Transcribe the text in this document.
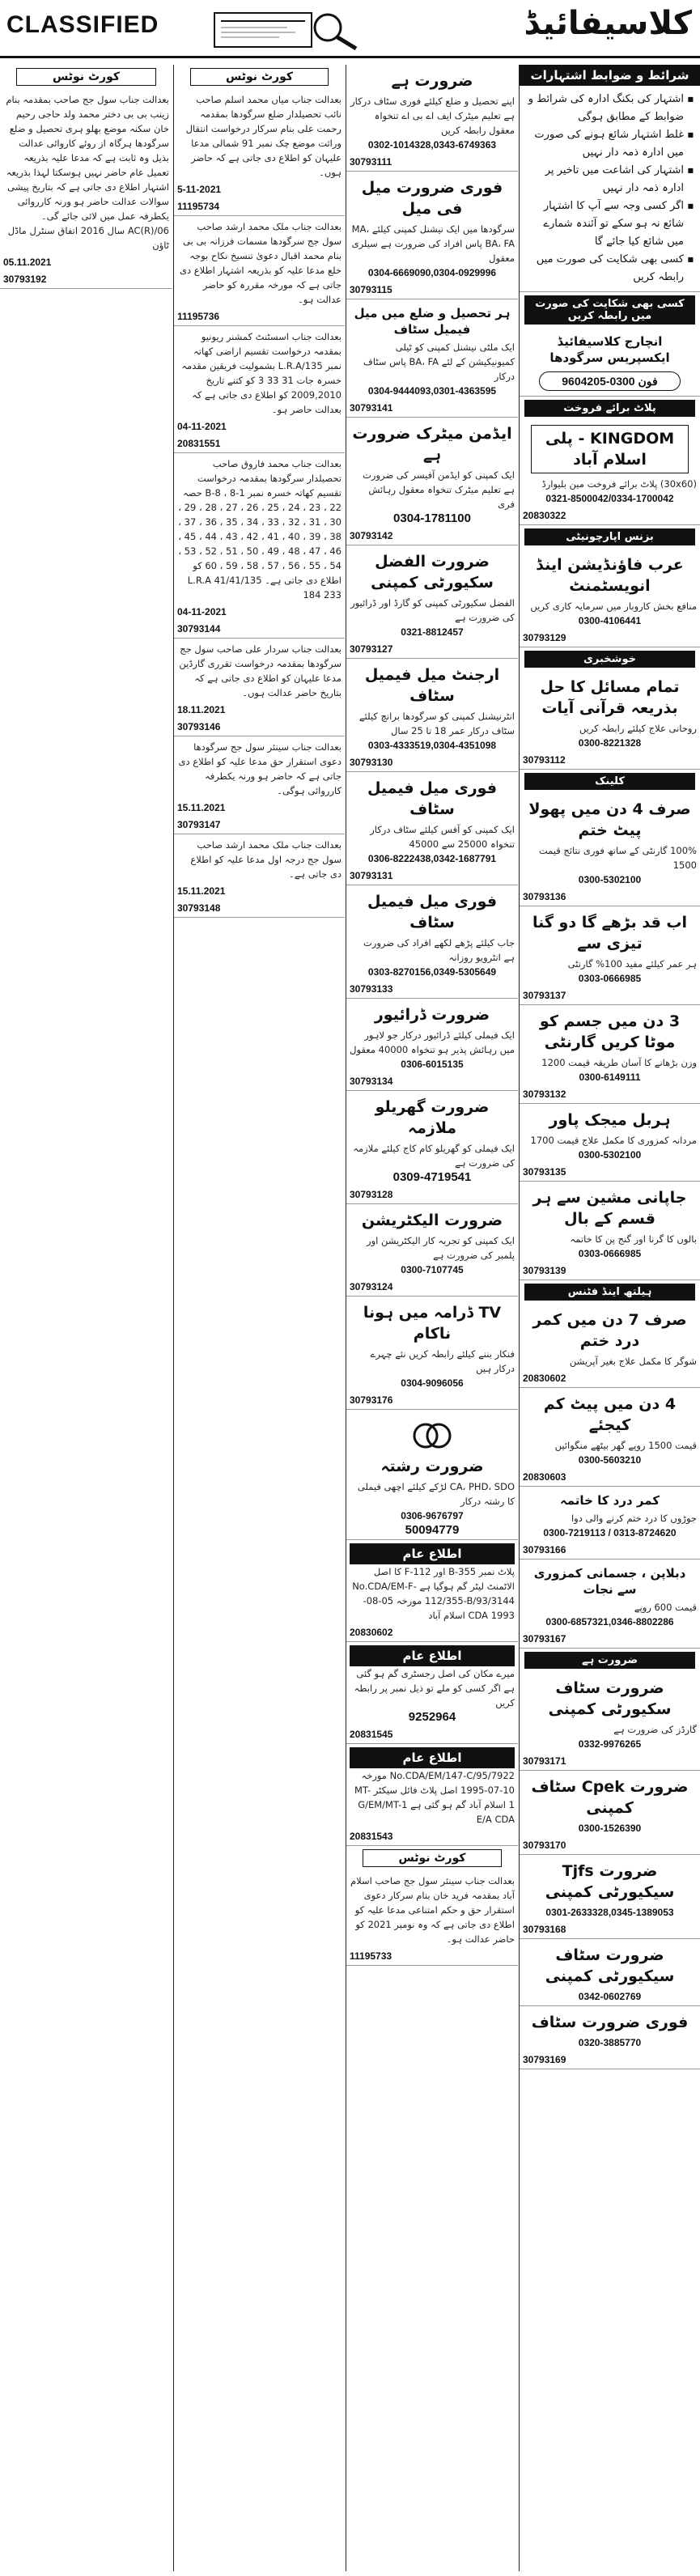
CLASSIFIED	کلاسیفائیڈ
کورٹ نوٹس
بعدالت جناب سول جج صاحب بمقدمہ بنام زینب بی بی دختر محمد ولد حاجی رحیم خان سکنہ موضع بھلو ہری تحصیل و ضلع سرگودھا ہرگاہ از روئے کاروائی عدالت بذیل وہ ثابت ہے کہ مدعا علیہ بذریعہ تعمیل عام حاضر نہیں ہوسکتا لہذا بذریعہ اشتہار اطلاع دی جاتی ہے کہ بتاریخ پیشی سوالات عدالت حاضر ہو ورنہ کارروائی یکطرفہ عمل میں لائی جائے گی۔ 06/AC(R) سال 2016 اتفاق سنٹرل ماڈل ٹاؤن
05.11.2021
30793192
کورٹ نوٹس
بعدالت جناب میاں محمد اسلم صاحب نائب تحصیلدار ضلع سرگودھا بمقدمہ رحمت علی بنام سرکار درخواست انتقال وراثت موضع چک نمبر 91 شمالی مدعا علیہان کو اطلاع دی جاتی ہے کہ حاضر ہوں۔
5-11-2021
11195734
بعدالت جناب ملک محمد ارشد صاحب سول جج سرگودھا مسمات فرزانہ بی بی بنام محمد اقبال دعویٰ تنسیخ نکاح بوجہ خلع مدعا علیہ کو بذریعہ اشتہار اطلاع دی جاتی ہے کہ مورخہ مقررہ کو حاضر عدالت ہو۔
11195736
بعدالت جناب اسسٹنٹ کمشنر ریونیو بمقدمہ درخواست تقسیم اراضی کھاتہ نمبر 135/L.R.A بشمولیت فریقین مقدمہ خسرہ جات 31 33 3 کو کتنے تاریخ 2009,2010 کو اطلاع دی جاتی ہے کہ بعدالت حاضر ہو۔
04-11-2021
20831551
بعدالت جناب محمد فاروق صاحب تحصیلدار سرگودھا بمقدمہ درخواست تقسیم کھاتہ خسرہ نمبر 1-8 ، 8-B حصہ 22 ، 23 ، 24 ، 25 ، 26 ، 27 ، 28 ، 29 ، 30 ، 31 ، 32 ، 33 ، 34 ، 35 ، 36 ، 37 ، 38 ، 39 ، 40 ، 41 ، 42 ، 43 ، 44 ، 45 ، 46 ، 47 ، 48 ، 49 ، 50 ، 51 ، 52 ، 53 ، 54 ، 55 ، 56 ، 57 ، 58 ، 59 ، 60 کو اطلاع دی جاتی ہے۔ 135/L.R.A 41/41 184 233
04-11-2021
30793144
بعدالت جناب سردار علی صاحب سول جج سرگودھا بمقدمہ درخواست تقرری گارڈین مدعا علیہان کو اطلاع دی جاتی ہے کہ بتاریخ حاضر عدالت ہوں۔
18.11.2021
30793146
بعدالت جناب سینئر سول جج سرگودھا دعوی استقرار حق مدعا علیہ کو اطلاع دی جاتی ہے کہ حاضر ہو ورنہ یکطرفہ کارروائی ہوگی۔
15.11.2021
30793147
بعدالت جناب ملک محمد ارشد صاحب سول جج درجہ اول مدعا علیہ کو اطلاع دی جاتی ہے۔
15.11.2021
30793148
ضرورت ہے
اپنے تحصیل و ضلع کیلئے فوری سٹاف درکار ہے تعلیم میٹرک ایف اے بی اے تنخواہ معقول رابطہ کریں
0302-1014328,0343-6749363
30793111
فوری ضرورت میل فی میل
سرگودھا میں ایک نیشنل کمپنی کیلئے MA، BA، FA پاس افراد کی ضرورت ہے سیلری معقول
0304-6669090,0304-0929996
30793115
ہر تحصیل و ضلع میں میل فیمیل سٹاف
ایک ملٹی نیشنل کمپنی کو ٹیلی کمیونیکیشن کے لئے BA، FA پاس سٹاف درکار
0304-9444093,0301-4363595
30793141
ایڈمن میٹرک ضرورت ہے
ایک کمپنی کو ایڈمن آفیسر کی ضرورت ہے تعلیم میٹرک تنخواہ معقول رہائش فری
0304-1781100
30793142
ضرورت الفضل سکیورٹی کمپنی
الفضل سکیورٹی کمپنی کو گارڈ اور ڈرائیور کی ضرورت ہے
0321-8812457
30793127
ارجنٹ میل فیمیل سٹاف
انٹرنیشنل کمپنی کو سرگودھا برانچ کیلئے سٹاف درکار عمر 18 تا 25 سال
0303-4333519,0304-4351098
30793130
فوری میل فیمیل سٹاف
ایک کمپنی کو آفس کیلئے سٹاف درکار تنخواہ 25000 سے 45000
0306-8222438,0342-1687791
30793131
فوری میل فیمیل سٹاف
جاب کیلئے پڑھے لکھے افراد کی ضرورت ہے انٹرویو روزانہ
0303-8270156,0349-5305649
30793133
ضرورت ڈرائیور
ایک فیملی کیلئے ڈرائیور درکار جو لاہور میں رہائش پذیر ہو تنخواہ 40000 معقول
0306-6015135
30793134
ضرورت گھریلو ملازمہ
ایک فیملی کو گھریلو کام کاج کیلئے ملازمہ کی ضرورت ہے
0309-4719541
30793128
ضرورت الیکٹریشن
ایک کمپنی کو تجربہ کار الیکٹریشن اور پلمبر کی ضرورت ہے
0300-7107745
30793124
TV ڈرامہ میں ہونا ناکام
فنکار بننے کیلئے رابطہ کریں نئے چہرے درکار ہیں
0304-9096056
30793176
ضرورت رشتہ
CA، PHD، SDO لڑکے کیلئے اچھی فیملی کا رشتہ درکار
0306-9676797
50094779
اطلاع عام
پلاٹ نمبر 355-B اور F-112 کا اصل الاٹمنٹ لیٹر گم ہوگیا ہے No.CDA/EM-F-112/355-B/93/3144 مورخہ 05-08-1993 CDA اسلام آباد
20830602
اطلاع عام
میرے مکان کی اصل رجسٹری گم ہو گئی ہے اگر کسی کو ملے تو ذیل نمبر پر رابطہ کریں
9252964
20831545
اطلاع عام
No.CDA/EM/147-C/95/7922 مورخہ 10-07-1995 اصل پلاٹ فائل سیکٹر MT-1 اسلام آباد گم ہو گئی ہے G/EM/MT-1 E/A CDA
20831543
کورٹ نوٹس
بعدالت جناب سینئر سول جج صاحب اسلام آباد بمقدمہ فرید خان بنام سرکار دعوی استقرار حق و حکم امتناعی مدعا علیہ کو اطلاع دی جاتی ہے کہ وہ نومبر 2021 کو حاضر عدالت ہو۔
11195733
شرائط و ضوابط اشتہارات
■ اشتہار کی بکنگ ادارہ کی شرائط و ضوابط کے مطابق ہوگی
■ غلط اشتہار شائع ہونے کی صورت میں ادارہ ذمہ دار نہیں
■ اشتہار کی اشاعت میں تاخیر پر ادارہ ذمہ دار نہیں
■ اگر کسی وجہ سے آپ کا اشتہار شائع نہ ہو سکے تو آئندہ شمارے میں شائع کیا جائے گا
■ کسی بھی شکایت کی صورت میں رابطہ کریں
کسی بھی شکایت کی صورت میں رابطہ کریں
انچارج کلاسیفائیڈ ایکسپریس سرگودھا
فون 0300-9604205
پلاٹ برائے فروخت
KINGDOM - پلی اسلام آباد
(30x60) پلاٹ برائے فروخت مین بلیوارڈ
0321-8500042/0334-1700042
20830322
بزنس اپارچونیٹی
عرب فاؤنڈیشن اینڈ انویسٹمنٹ
منافع بخش کاروبار میں سرمایہ کاری کریں
0300-4106441
30793129
خوشخبری
تمام مسائل کا حل بذریعہ قرآنی آیات
روحانی علاج کیلئے رابطہ کریں
0300-8221328
30793112
کلینک
صرف 4 دن میں پھولا پیٹ ختم
100% گارنٹی کے ساتھ فوری نتائج قیمت 1500
0300-5302100
30793136
اب قد بڑھے گا دو گنا تیزی سے
ہر عمر کیلئے مفید 100% گارنٹی
0303-0666985
30793137
3 دن میں جسم کو موٹا کریں گارنٹی
وزن بڑھانے کا آسان طریقہ قیمت 1200
0300-6149111
30793132
ہربل میجک پاور
مردانہ کمزوری کا مکمل علاج قیمت 1700
0300-5302100
30793135
جاپانی مشین سے ہر قسم کے بال
بالوں کا گرنا اور گنج پن کا خاتمہ
0303-0666985
30793139
ہیلتھ اینڈ فٹنس
صرف 7 دن میں کمر درد ختم
شوگر کا مکمل علاج بغیر آپریشن
20830602
4 دن میں پیٹ کم کیجئے
قیمت 1500 روپے گھر بیٹھے منگوائیں
0300-5603210
20830603
کمر درد کا خاتمہ
جوڑوں کا درد ختم کرنے والی دوا
0300-7219113 / 0313-8724620
30793166
دبلاپن ، جسمانی کمزوری سے نجات
قیمت 600 روپے
0300-6857321,0346-8802286
30793167
ضرورت ہے
ضرورت سٹاف سکیورٹی کمپنی
گارڈز کی ضرورت ہے
0332-9976265
30793171
ضرورت Cpek سٹاف کمپنی
0300-1526390
30793170
ضرورت Tjfs سیکیورٹی کمپنی
0301-2633328,0345-1389053
30793168
ضرورت سٹاف سیکیورٹی کمپنی
0342-0602769
فوری ضرورت سٹاف
0320-3885770
30793169
